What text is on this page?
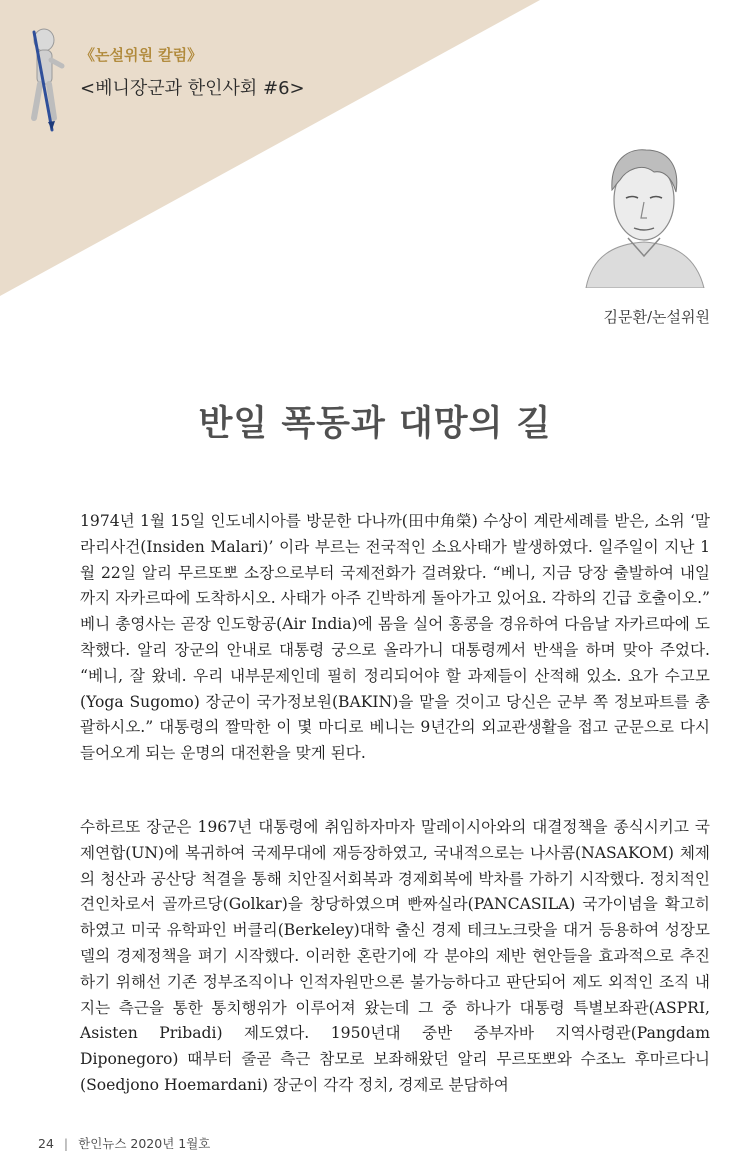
《논설위원 칼럼》
<베니장군과 한인사회 #6>
김문환/논설위원
반일 폭동과 대망의 길

1974년 1월 15일 인도네시아를 방문한 다나까(田中角榮) 수상이 계란세례를 받은, 소위 ‘말라리사건(Insiden Malari)’ 이라 부르는 전국적인 소요사태가 발생하였다. 일주일이 지난 1월 22일 알리 무르또뽀 소장으로부터 국제전화가 걸려왔다. “베니, 지금 당장 출발하여 내일까지 자카르따에 도착하시오. 사태가 아주 긴박하게 돌아가고 있어요. 각하의 긴급 호출이오.” 베니 총영사는 곧장 인도항공(Air India)에 몸을 실어 홍콩을 경유하여 다음날 자카르따에 도착했다. 알리 장군의 안내로 대통령 궁으로 올라가니 대통령께서 반색을 하며 맞아 주었다. “베니, 잘 왔네. 우리 내부문제인데 필히 정리되어야 할 과제들이 산적해 있소. 요가 수고모(Yoga Sugomo) 장군이 국가정보원(BAKIN)을 맡을 것이고 당신은 군부 쪽 정보파트를 총괄하시오.” 대통령의 짤막한 이 몇 마디로 베니는 9년간의 외교관생활을 접고 군문으로 다시 들어오게 되는 운명의 대전환을 맞게 된다.

수하르또 장군은 1967년 대통령에 취임하자마자 말레이시아와의 대결정책을 종식시키고 국제연합(UN)에 복귀하여 국제무대에 재등장하였고, 국내적으로는 나사콤(NASAKOM) 체제의 청산과 공산당 척결을 통해 치안질서회복과 경제회복에 박차를 가하기 시작했다. 정치적인 견인차로서 골까르당(Golkar)을 창당하였으며 빤짜실라(PANCASILA) 국가이념을 확고히 하였고 미국 유학파인 버클리(Berkeley)대학 출신 경제 테크노크랏을 대거 등용하여 성장모델의 경제정책을 펴기 시작했다. 이러한 혼란기에 각 분야의 제반 현안들을 효과적으로 추진하기 위해선 기존 정부조직이나 인적자원만으론 불가능하다고 판단되어 제도 외적인 조직 내지는 측근을 통한 통치행위가 이루어져 왔는데 그 중 하나가 대통령 특별보좌관(ASPRI, Asisten Pribadi) 제도였다. 1950년대 중반 중부자바 지역사령관(Pangdam Diponegoro) 때부터 줄곧 측근 참모로 보좌해왔던 알리 무르또뽀와 수조노 후마르다니(Soedjono Hoemardani) 장군이 각각 정치, 경제로 분담하여

24 | 한인뉴스 2020년 1월호
